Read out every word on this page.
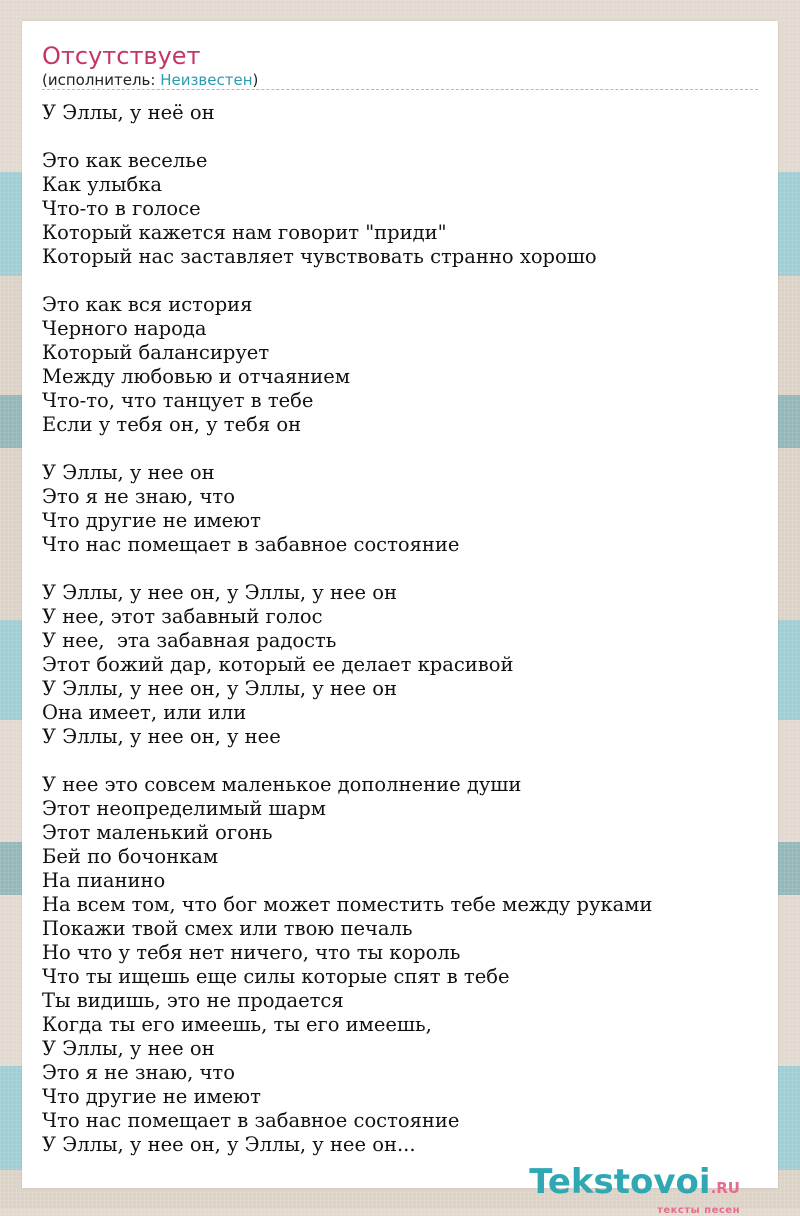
Отсутствует
(исполнитель: Неизвестен)
У Эллы, у неё он
Это как веселье
Как улыбка
Что-то в голосе
Который кажется нам говорит "приди"
Который нас заставляет чувствовать странно хорошо
Это как вся история
Черного народа
Который балансирует
Между любовью и отчаянием
Что-то, что танцует в тебе
Если у тебя он, у тебя он
У Эллы, у нее он
Это я не знаю, что
Что другие не имеют
Что нас помещает в забавное состояние
У Эллы, у нее он, у Эллы, у нее он
У нее, этот забавный голос
У нее,  эта забавная радость
Этот божий дар, который ее делает красивой
У Эллы, у нее он, у Эллы, у нее он
Она имеет, или или
У Эллы, у нее он, у нее
У нее это совсем маленькое дополнение души
Этот неопределимый шарм
Этот маленький огонь
Бей по бочонкам
На пианино
На всем том, что бог может поместить тебе между руками
Покажи твой смех или твою печаль
Но что у тебя нет ничего, что ты король
Что ты ищешь еще силы которые спят в тебе
Ты видишь, это не продается
Когда ты его имеешь, ты его имеешь,
У Эллы, у нее он
Это я не знаю, что
Что другие не имеют
Что нас помещает в забавное состояние
У Эллы, у нее он, у Эллы, у нее он...
Tekstovoi.RU
тексты песен
